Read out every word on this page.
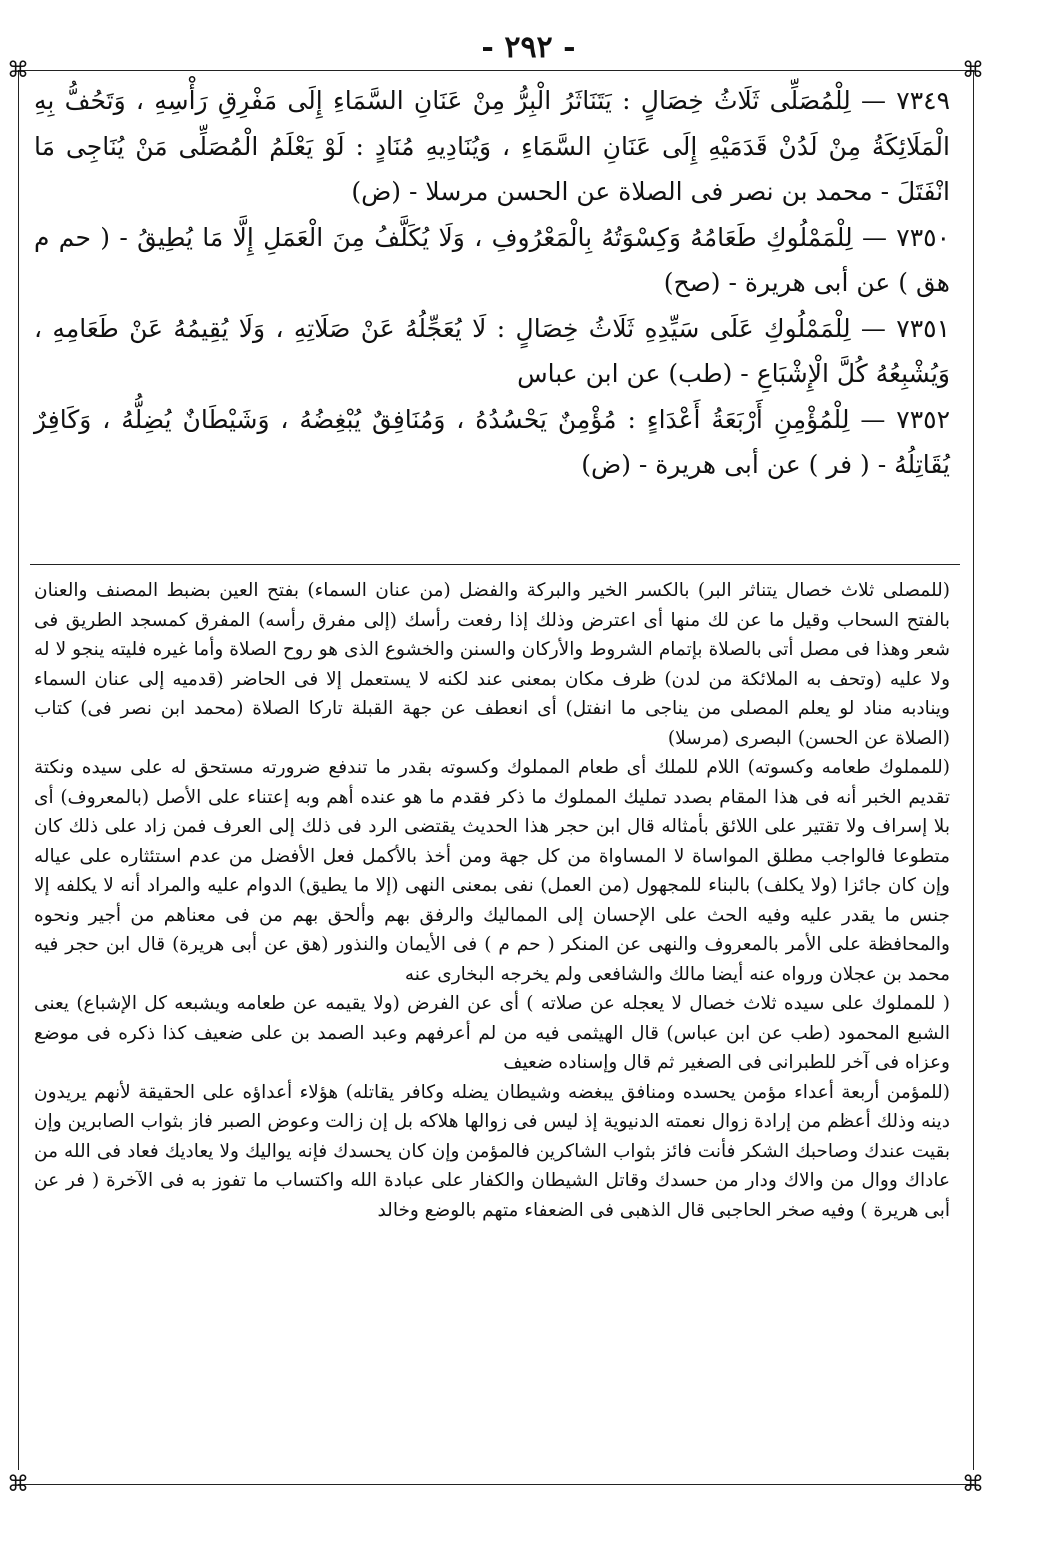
- ٢٩٢ -
⌘	⌘
⌘	⌘

٧٣٤٩ — لِلْمُصَلِّى ثَلَاثُ خِصَالٍ : يَتَنَاثَرُ الْبِرُّ مِنْ عَنَانِ السَّمَاءِ إِلَى مَفْرِقِ رَأْسِهِ ، وَتَحُفُّ بِهِ الْمَلَائِكَةُ مِنْ لَدُنْ قَدَمَيْهِ إِلَى عَنَانِ السَّمَاءِ ، وَيُنَادِيهِ مُنَادٍ : لَوْ يَعْلَمُ الْمُصَلِّى مَنْ يُنَاجِى مَا انْفَتَلَ - محمد بن نصر فى الصلاة عن الحسن مرسلا - (ض)

٧٣٥٠ — لِلْمَمْلُوكِ طَعَامُهُ وَكِسْوَتُهُ بِالْمَعْرُوفِ ، وَلَا يُكَلَّفُ مِنَ الْعَمَلِ إِلَّا مَا يُطِيقُ - ( حم م هق ) عن أبى هريرة - (صح)

٧٣٥١ — لِلْمَمْلُوكِ عَلَى سَيِّدِهِ ثَلَاثُ خِصَالٍ : لَا يُعَجِّلُهُ عَنْ صَلَاتِهِ ، وَلَا يُقِيمُهُ عَنْ طَعَامِهِ ، وَيُشْبِعُهُ كُلَّ الْإِشْبَاعِ - (طب) عن ابن عباس

٧٣٥٢ — لِلْمُؤْمِنِ أَرْبَعَةُ أَعْدَاءٍ : مُؤْمِنٌ يَحْسُدُهُ ، وَمُنَافِقٌ يُبْغِضُهُ ، وَشَيْطَانٌ يُضِلُّهُ ، وَكَافِرٌ يُقَاتِلُهُ - ( فر ) عن أبى هريرة - (ض)

(للمصلى ثلاث خصال يتناثر البر) بالكسر الخير والبركة والفضل (من عنان السماء) بفتح العين بضبط المصنف والعنان بالفتح السحاب وقيل ما عن لك منها أى اعترض وذلك إذا رفعت رأسك (إلى مفرق رأسه) المفرق كمسجد الطريق فى شعر وهذا فى مصل أتى بالصلاة بإتمام الشروط والأركان والسنن والخشوع الذى هو روح الصلاة وأما غيره فليته ينجو لا له ولا عليه (وتحف به الملائكة من لدن) ظرف مكان بمعنى عند لكنه لا يستعمل إلا فى الحاضر (قدميه إلى عنان السماء وينادبه مناد لو يعلم المصلى من يناجى ما انفتل) أى انعطف عن جهة القبلة تاركا الصلاة (محمد ابن نصر فى) كتاب (الصلاة عن الحسن) البصرى (مرسلا)

(للمملوك طعامه وكسوته) اللام للملك أى طعام المملوك وكسوته بقدر ما تندفع ضرورته مستحق له على سيده ونكتة تقديم الخبر أنه فى هذا المقام بصدد تمليك المملوك ما ذكر فقدم ما هو عنده أهم وبه إعتناء على الأصل (بالمعروف) أى بلا إسراف ولا تقتير على اللائق بأمثاله قال ابن حجر هذا الحديث يقتضى الرد فى ذلك إلى العرف فمن زاد على ذلك كان متطوعا فالواجب مطلق المواساة لا المساواة من كل جهة ومن أخذ بالأكمل فعل الأفضل من عدم استئثاره على عياله وإن كان جائزا (ولا يكلف) بالبناء للمجهول (من العمل) نفى بمعنى النهى (إلا ما يطيق) الدوام عليه والمراد أنه لا يكلفه إلا جنس ما يقدر عليه وفيه الحث على الإحسان إلى المماليك والرفق بهم وألحق بهم من فى معناهم من أجير ونحوه والمحافظة على الأمر بالمعروف والنهى عن المنكر ( حم م ) فى الأيمان والنذور (هق عن أبى هريرة) قال ابن حجر فيه محمد بن عجلان ورواه عنه أيضا مالك والشافعى ولم يخرجه البخارى عنه

( للمملوك على سيده ثلاث خصال لا يعجله عن صلاته ) أى عن الفرض (ولا يقيمه عن طعامه ويشبعه كل الإشباع) يعنى الشبع المحمود (طب عن ابن عباس) قال الهيثمى فيه من لم أعرفهم وعبد الصمد بن على ضعيف كذا ذكره فى موضع وعزاه فى آخر للطبرانى فى الصغير ثم قال وإسناده ضعيف

(للمؤمن أربعة أعداء مؤمن يحسده ومنافق يبغضه وشيطان يضله وكافر يقاتله) هؤلاء أعداؤه على الحقيقة لأنهم يريدون دينه وذلك أعظم من إرادة زوال نعمته الدنيوية إذ ليس فى زوالها هلاكه بل إن زالت وعوض الصبر فاز بثواب الصابرين وإن بقيت عندك وصاحبك الشكر فأنت فائز بثواب الشاكرين فالمؤمن وإن كان يحسدك فإنه يواليك ولا يعاديك فعاد فى الله من عاداك ووال من والاك ودار من حسدك وقاتل الشيطان والكفار على عبادة الله واكتساب ما تفوز به فى الآخرة ( فر عن أبى هريرة ) وفيه صخر الحاجبى قال الذهبى فى الضعفاء متهم بالوضع وخالد
